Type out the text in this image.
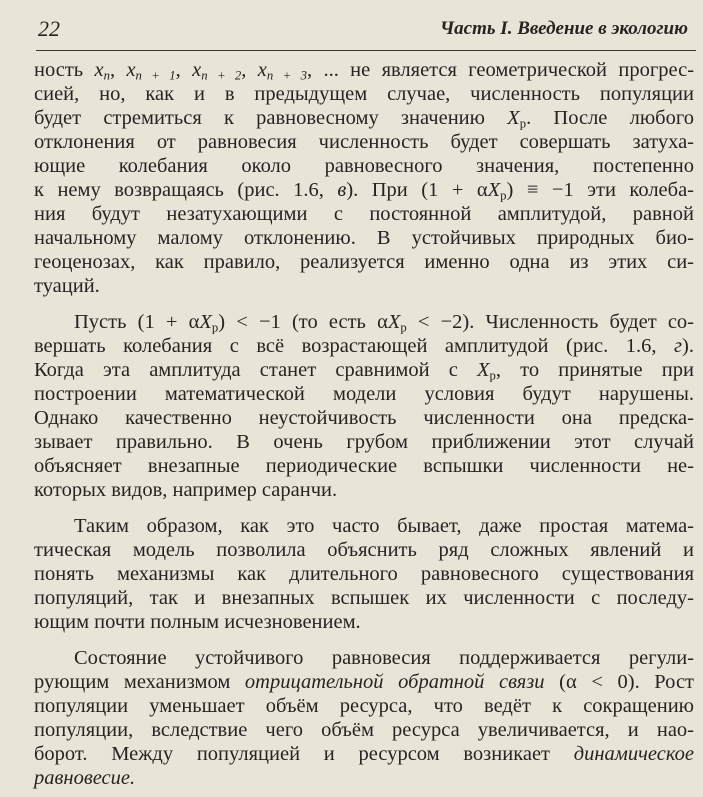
22	Часть I. Введение в экологию
ность $x_n$, $x_{n + 1}$, $x_{n + 2}$, $x_{n + 3}$, ... не является геометрической прогрес-
сией, но, как и в предыдущем случае, численность популяции
будет стремиться к равновесному значению $X_р$. После любого
отклонения от равновесия численность будет совершать затуха-
ющие колебания около равновесного значения, постепенно
к нему возвращаясь (рис. 1.6, в). При $(1 + \alpha X_р) \equiv -1$ эти колеба-
ния будут незатухающими с постоянной амплитудой, равной
начальному малому отклонению. В устойчивых природных био-
геоценозах, как правило, реализуется именно одна из этих си-
туаций.
Пусть $(1 + \alpha X_р) < -1$ (то есть $\alpha X_р < -2$). Численность будет со-
вершать колебания с всё возрастающей амплитудой (рис. 1.6, г).
Когда эта амплитуда станет сравнимой с $X_р$, то принятые при
построении математической модели условия будут нарушены.
Однако качественно неустойчивость численности она предска-
зывает правильно. В очень грубом приближении этот случай
объясняет внезапные периодические вспышки численности не-
которых видов, например саранчи.
Таким образом, как это часто бывает, даже простая матема-
тическая модель позволила объяснить ряд сложных явлений и
понять механизмы как длительного равновесного существования
популяций, так и внезапных вспышек их численности с последу-
ющим почти полным исчезновением.
Состояние устойчивого равновесия поддерживается регули-
рующим механизмом отрицательной обратной связи (α < 0). Рост
популяции уменьшает объём ресурса, что ведёт к сокращению
популяции, вследствие чего объём ресурса увеличивается, и нао-
борот. Между популяцией и ресурсом возникает динамическое
равновесие.
